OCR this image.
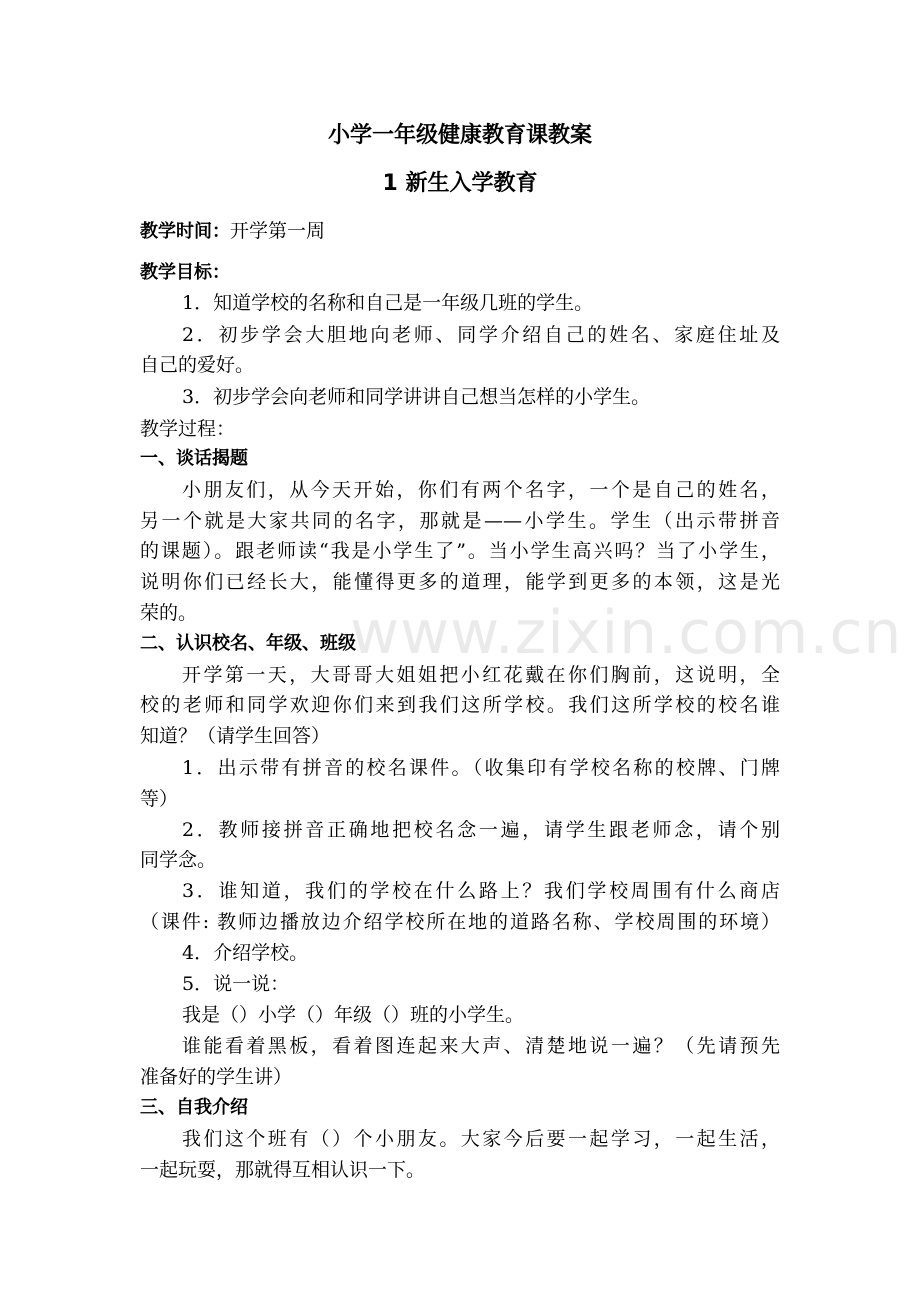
www.zixin.com.cn
小学一年级健康教育课教案
1 新生入学教育
教学时间：开学第一周
教学目标：
1．知道学校的名称和自己是一年级几班的学生。
2．初步学会大胆地向老师、同学介绍自己的姓名、家庭住址及
自己的爱好。
3．初步学会向老师和同学讲讲自己想当怎样的小学生。
教学过程：
一、谈话揭题
小朋友们，从今天开始，你们有两个名字，一个是自己的姓名，
另一个就是大家共同的名字，那就是——小学生。学生（出示带拼音
的课题）。跟老师读“我是小学生了”。当小学生高兴吗？当了小学生，
说明你们已经长大，能懂得更多的道理，能学到更多的本领，这是光
荣的。
二、认识校名、年级、班级
开学第一天，大哥哥大姐姐把小红花戴在你们胸前，这说明，全
校的老师和同学欢迎你们来到我们这所学校。我们这所学校的校名谁
知道？（请学生回答）
1．出示带有拼音的校名课件。（收集印有学校名称的校牌、门牌
等）
2．教师接拼音正确地把校名念一遍，请学生跟老师念，请个别
同学念。
3．谁知道，我们的学校在什么路上？我们学校周围有什么商店
（课件: 教师边播放边介绍学校所在地的道路名称、学校周围的环境）
4．介绍学校。
5．说一说：
我是（）小学（）年级（）班的小学生。
谁能看着黑板，看着图连起来大声、清楚地说一遍？（先请预先
准备好的学生讲）
三、自我介绍
我们这个班有（）个小朋友。大家今后要一起学习，一起生活，
一起玩耍，那就得互相认识一下。
